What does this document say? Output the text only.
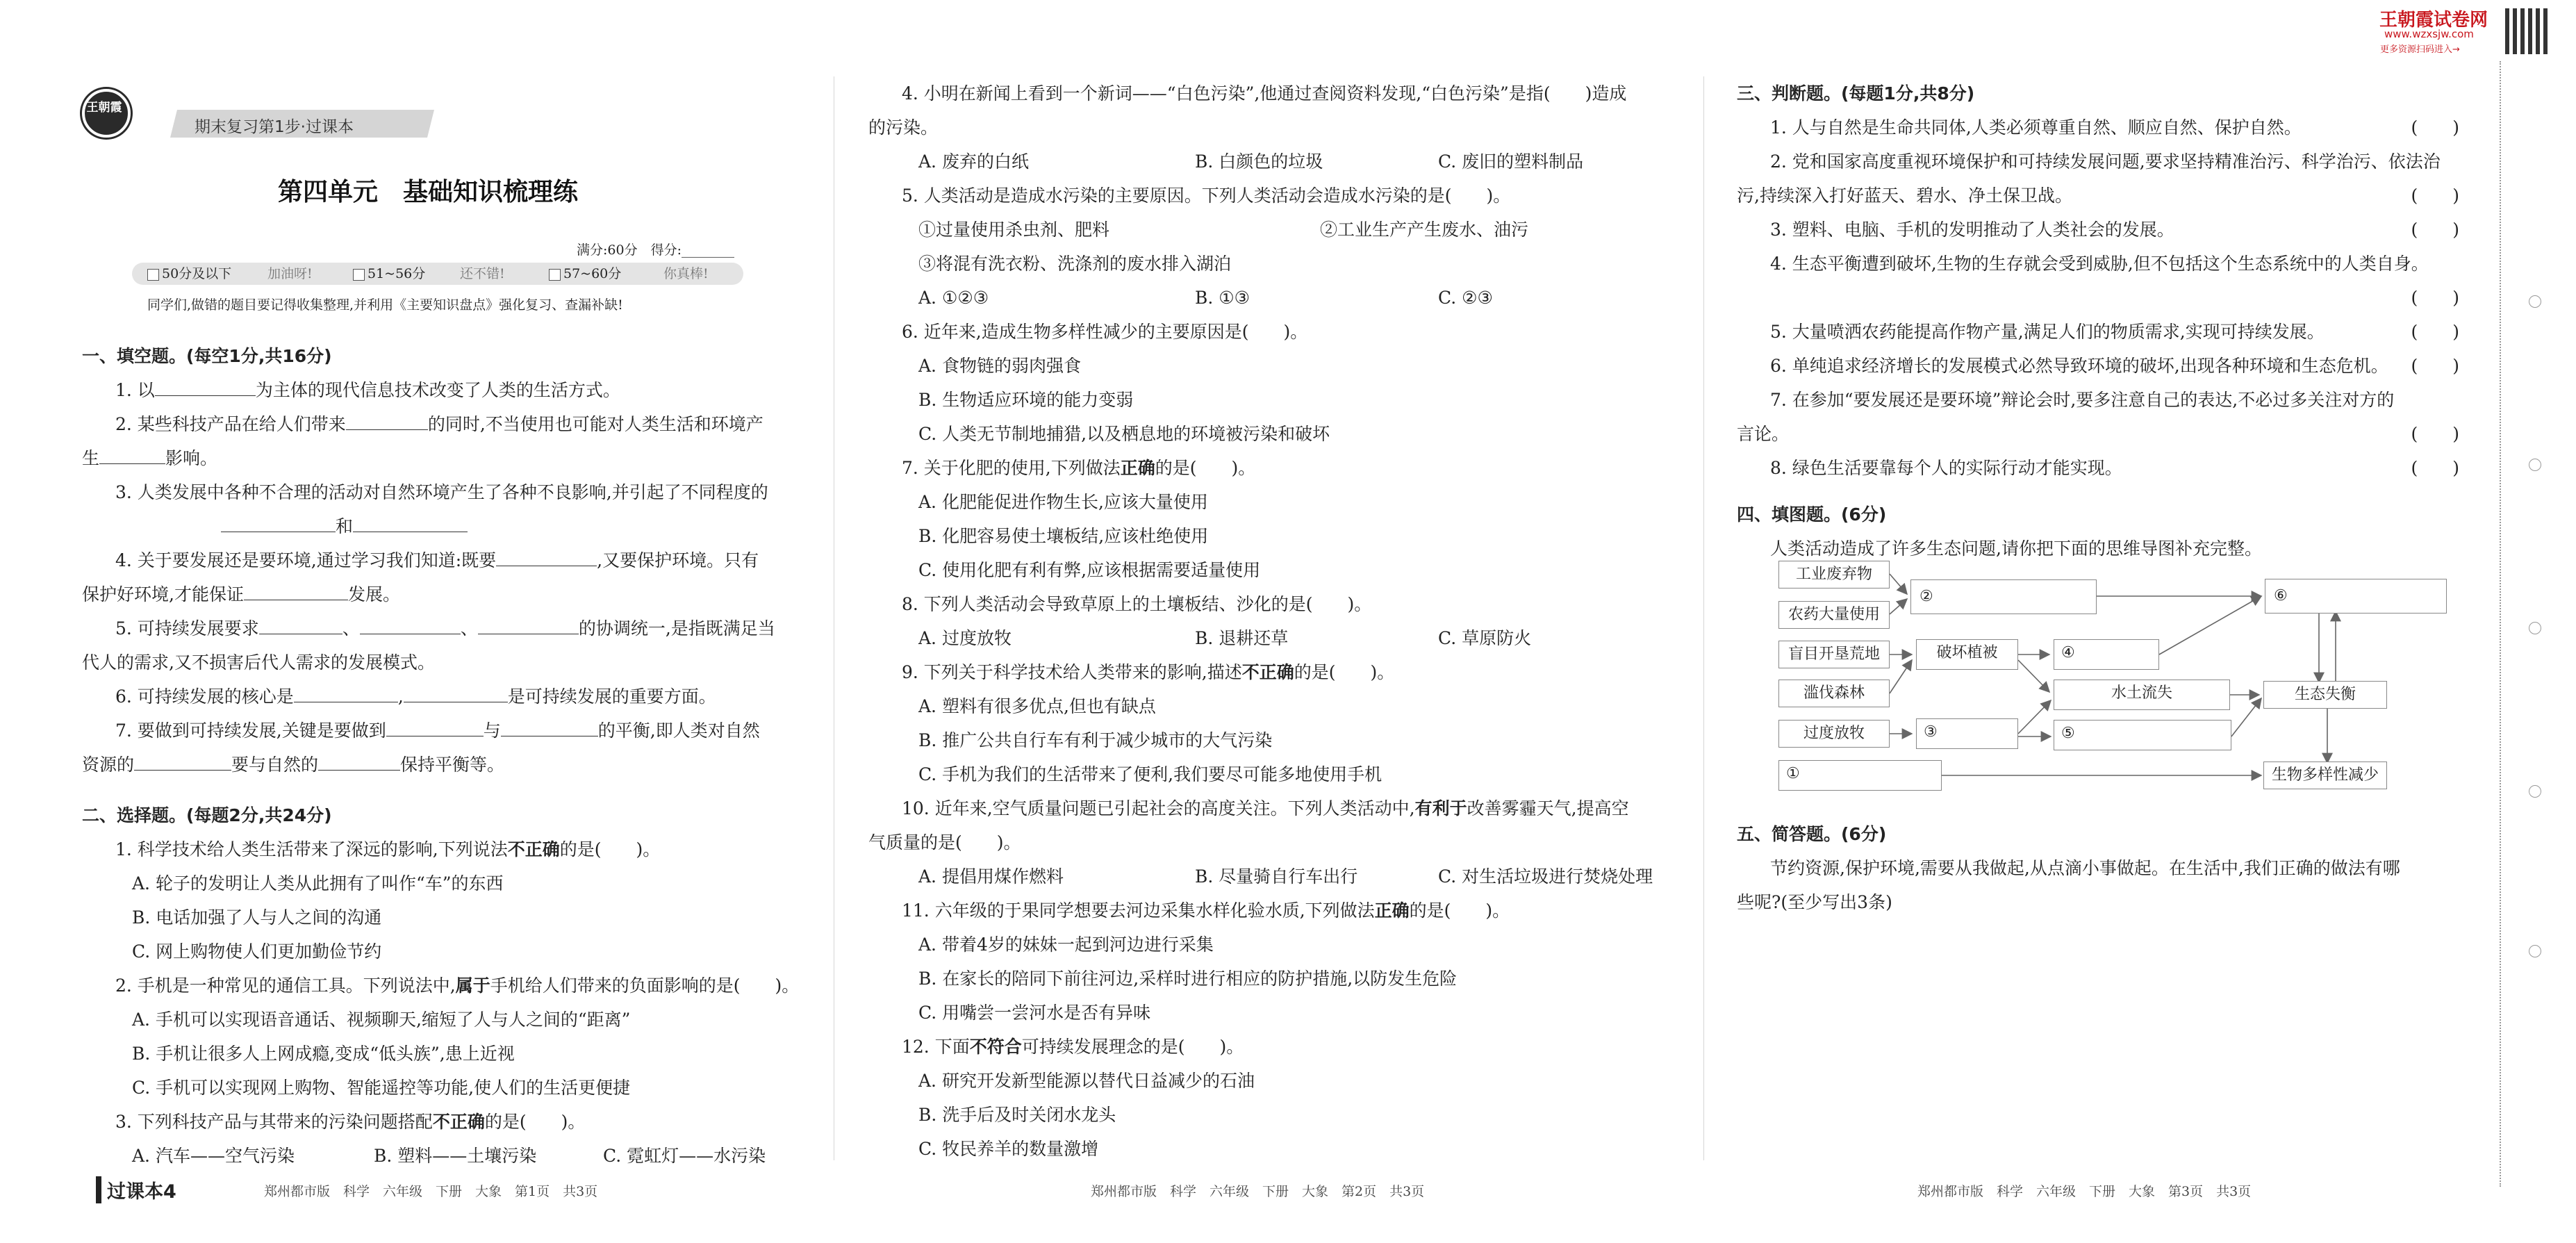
王朝霞
期末复习第1步·过课本
第四单元　基础知识梳理练
满分:60分　得分:________
50分及以下	加油呀!	51~56分	还不错!	57~60分	你真棒!
同学们,做错的题目要记得收集整理,并利用《主要知识盘点》强化复习、查漏补缺!

一、填空题。(每空1分,共16分)

1. 以	为主体的现代信息技术改变了人类的生活方式。

2. 某些科技产品在给人们带来	的同时,不当使用也可能对人类生活和环境产

生	影响。

3. 人类发展中各种不合理的活动对自然环境产生了各种不良影响,并引起了不同程度的

和

4. 关于要发展还是要环境,通过学习我们知道:既要	,又要保护环境。只有

保护好环境,才能保证	发展。

5. 可持续发展要求	、	、	的协调统一,是指既满足当

代人的需求,又不损害后代人需求的发展模式。

6. 可持续发展的核心是	,	是可持续发展的重要方面。

7. 要做到可持续发展,关键是要做到	与	的平衡,即人类对自然

资源的	要与自然的	保持平衡等。

二、选择题。(每题2分,共24分)

1. 科学技术给人类生活带来了深远的影响,下列说法不正确的是(　　)。

A. 轮子的发明让人类从此拥有了叫作“车”的东西

B. 电话加强了人与人之间的沟通

C. 网上购物使人们更加勤俭节约

2. 手机是一种常见的通信工具。下列说法中,属于手机给人们带来的负面影响的是(　　)。

A. 手机可以实现语音通话、视频聊天,缩短了人与人之间的“距离”

B. 手机让很多人上网成瘾,变成“低头族”,患上近视

C. 手机可以实现网上购物、智能遥控等功能,使人们的生活更便捷

3. 下列科技产品与其带来的污染问题搭配不正确的是(　　)。

A. 汽车——空气污染	B. 塑料——土壤污染	C. 霓虹灯——水污染

4. 小明在新闻上看到一个新词——“白色污染”,他通过查阅资料发现,“白色污染”是指(　　)造成

的污染。

A. 废弃的白纸	B. 白颜色的垃圾	C. 废旧的塑料制品

5. 人类活动是造成水污染的主要原因。下列人类活动会造成水污染的是(　　)。

①过量使用杀虫剂、肥料	②工业生产产生废水、油污

③将混有洗衣粉、洗涤剂的废水排入湖泊

A. ①②③	B. ①③	C. ②③

6. 近年来,造成生物多样性减少的主要原因是(　　)。

A. 食物链的弱肉强食

B. 生物适应环境的能力变弱

C. 人类无节制地捕猎,以及栖息地的环境被污染和破坏

7. 关于化肥的使用,下列做法正确的是(　　)。

A. 化肥能促进作物生长,应该大量使用

B. 化肥容易使土壤板结,应该杜绝使用

C. 使用化肥有利有弊,应该根据需要适量使用

8. 下列人类活动会导致草原上的土壤板结、沙化的是(　　)。

A. 过度放牧	B. 退耕还草	C. 草原防火

9. 下列关于科学技术给人类带来的影响,描述不正确的是(　　)。

A. 塑料有很多优点,但也有缺点

B. 推广公共自行车有利于减少城市的大气污染

C. 手机为我们的生活带来了便利,我们要尽可能多地使用手机

10. 近年来,空气质量问题已引起社会的高度关注。下列人类活动中,有利于改善雾霾天气,提高空

气质量的是(　　)。

A. 提倡用煤作燃料	B. 尽量骑自行车出行	C. 对生活垃圾进行焚烧处理

11. 六年级的于果同学想要去河边采集水样化验水质,下列做法正确的是(　　)。

A. 带着4岁的妹妹一起到河边进行采集

B. 在家长的陪同下前往河边,采样时进行相应的防护措施,以防发生危险

C. 用嘴尝一尝河水是否有异味

12. 下面不符合可持续发展理念的是(　　)。

A. 研究开发新型能源以替代日益减少的石油

B. 洗手后及时关闭水龙头

C. 牧民养羊的数量激增

王朝霞试卷网
www.wzxsjw.com
更多资源扫码进入→

三、判断题。(每题1分,共8分)

1. 人与自然是生命共同体,人类必须尊重自然、顺应自然、保护自然。	(　　)

2. 党和国家高度重视环境保护和可持续发展问题,要求坚持精准治污、科学治污、依法治

污,持续深入打好蓝天、碧水、净土保卫战。	(　　)

3. 塑料、电脑、手机的发明推动了人类社会的发展。	(　　)

4. 生态平衡遭到破坏,生物的生存就会受到威胁,但不包括这个生态系统中的人类自身。

(　　)

5. 大量喷洒农药能提高作物产量,满足人们的物质需求,实现可持续发展。	(　　)

6. 单纯追求经济增长的发展模式必然导致环境的破坏,出现各种环境和生态危机。 (　　)

7. 在参加“要发展还是要环境”辩论会时,要多注意自己的表达,不必过多关注对方的

言论。	(　　)

8. 绿色生活要靠每个人的实际行动才能实现。	(　　)

四、填图题。(6分)

人类活动造成了许多生态问题,请你把下面的思维导图补充完整。

工业废弃物
农药大量使用
盲目开垦荒地
滥伐森林
过度放牧
①
②
破坏植被
③
④
水土流失
⑤
⑥
生态失衡
生物多样性减少

五、简答题。(6分)

节约资源,保护环境,需要从我做起,从点滴小事做起。在生活中,我们正确的做法有哪

些呢?(至少写出3条)

过课本4	郑州都市版　科学　六年级　下册　大象　第1页　共3页	郑州都市版　科学　六年级　下册　大象　第2页　共3页	郑州都市版　科学　六年级　下册　大象　第3页　共3页
